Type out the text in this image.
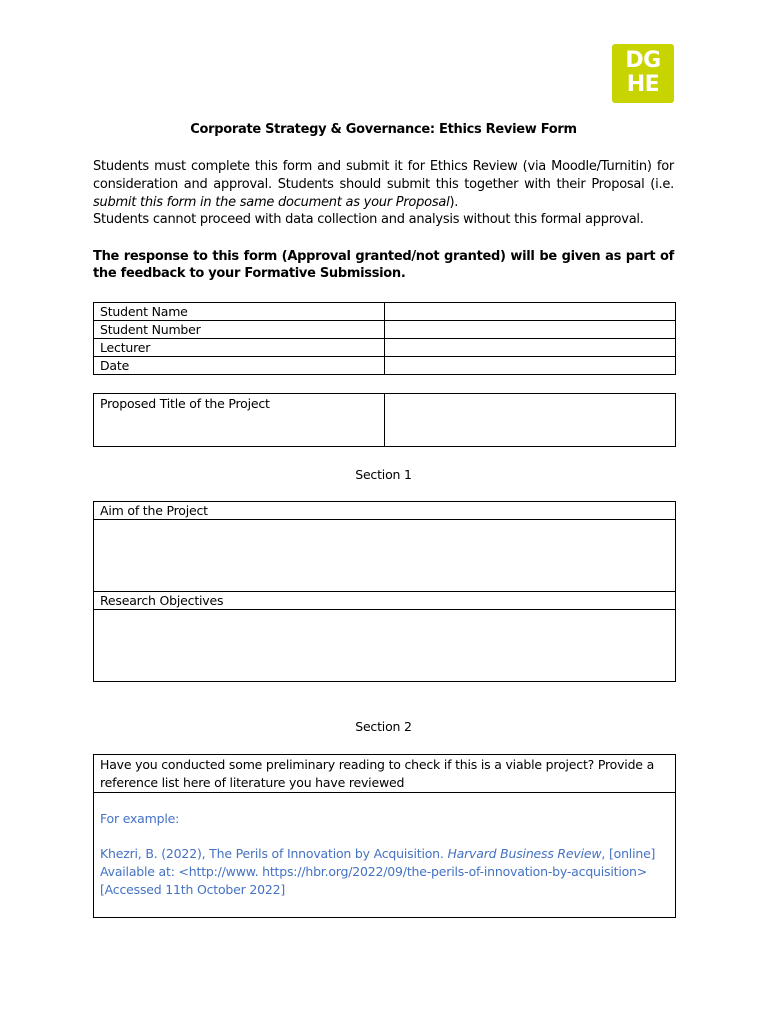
DG
HE
Corporate Strategy & Governance: Ethics Review Form

Students must complete this form and submit it for Ethics Review (via Moodle/Turnitin) for consideration and approval. Students should submit this together with their Proposal (i.e. submit this form in the same document as your Proposal).

Students cannot proceed with data collection and analysis without this formal approval.

The response to this form (Approval granted/not granted) will be given as part of the feedback to your Formative Submission.
Student Name	
Student Number	
Lecturer	
Date	
Proposed Title of the Project	
Section 1
Aim of the Project

Research Objectives

Section 2
Have you conducted some preliminary reading to check if this is a viable project? Provide a reference list here of literature you have reviewed

For example:
Khezri, B. (2022), The Perils of Innovation by Acquisition. Harvard Business Review, [online] Available at: <http://www. https://hbr.org/2022/09/the-perils-of-innovation-by-acquisition> [Accessed 11th October 2022]
